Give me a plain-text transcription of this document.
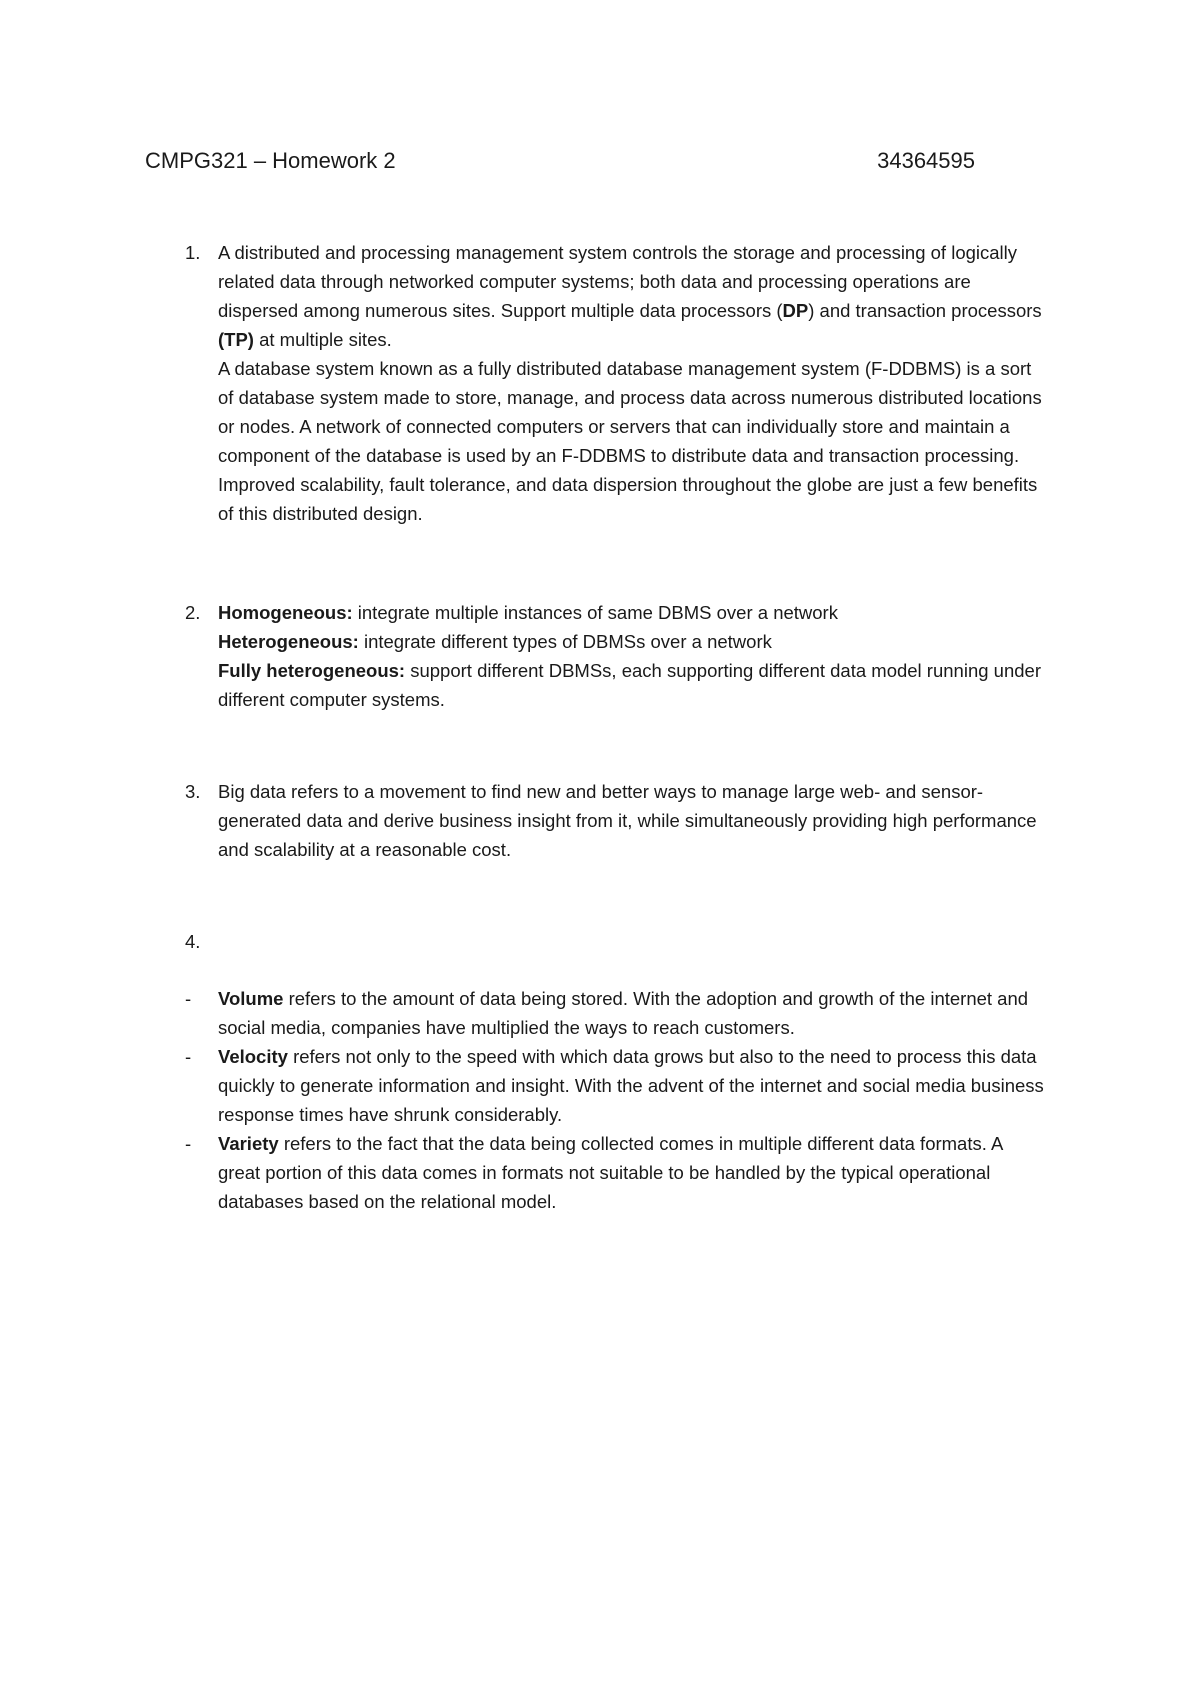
CMPG321 – Homework 2	34364595
1. A distributed and processing management system controls the storage and processing of logically related data through networked computer systems; both data and processing operations are dispersed among numerous sites. Support multiple data processors (DP) and transaction processors (TP) at multiple sites.

A database system known as a fully distributed database management system (F-DDBMS) is a sort of database system made to store, manage, and process data across numerous distributed locations or nodes. A network of connected computers or servers that can individually store and maintain a component of the database is used by an F-DDBMS to distribute data and transaction processing. Improved scalability, fault tolerance, and data dispersion throughout the globe are just a few benefits of this distributed design.

2. Homogeneous: integrate multiple instances of same DBMS over a network

Heterogeneous: integrate different types of DBMSs over a network

Fully heterogeneous: support different DBMSs, each supporting different data model running under different computer systems.

3. Big data refers to a movement to find new and better ways to manage large web- and sensor-generated data and derive business insight from it, while simultaneously providing high performance and scalability at a reasonable cost.

4.
- Volume refers to the amount of data being stored. With the adoption and growth of the internet and social media, companies have multiplied the ways to reach customers.

- Velocity refers not only to the speed with which data grows but also to the need to process this data quickly to generate information and insight. With the advent of the internet and social media business response times have shrunk considerably.

- Variety refers to the fact that the data being collected comes in multiple different data formats. A great portion of this data comes in formats not suitable to be handled by the typical operational databases based on the relational model.
